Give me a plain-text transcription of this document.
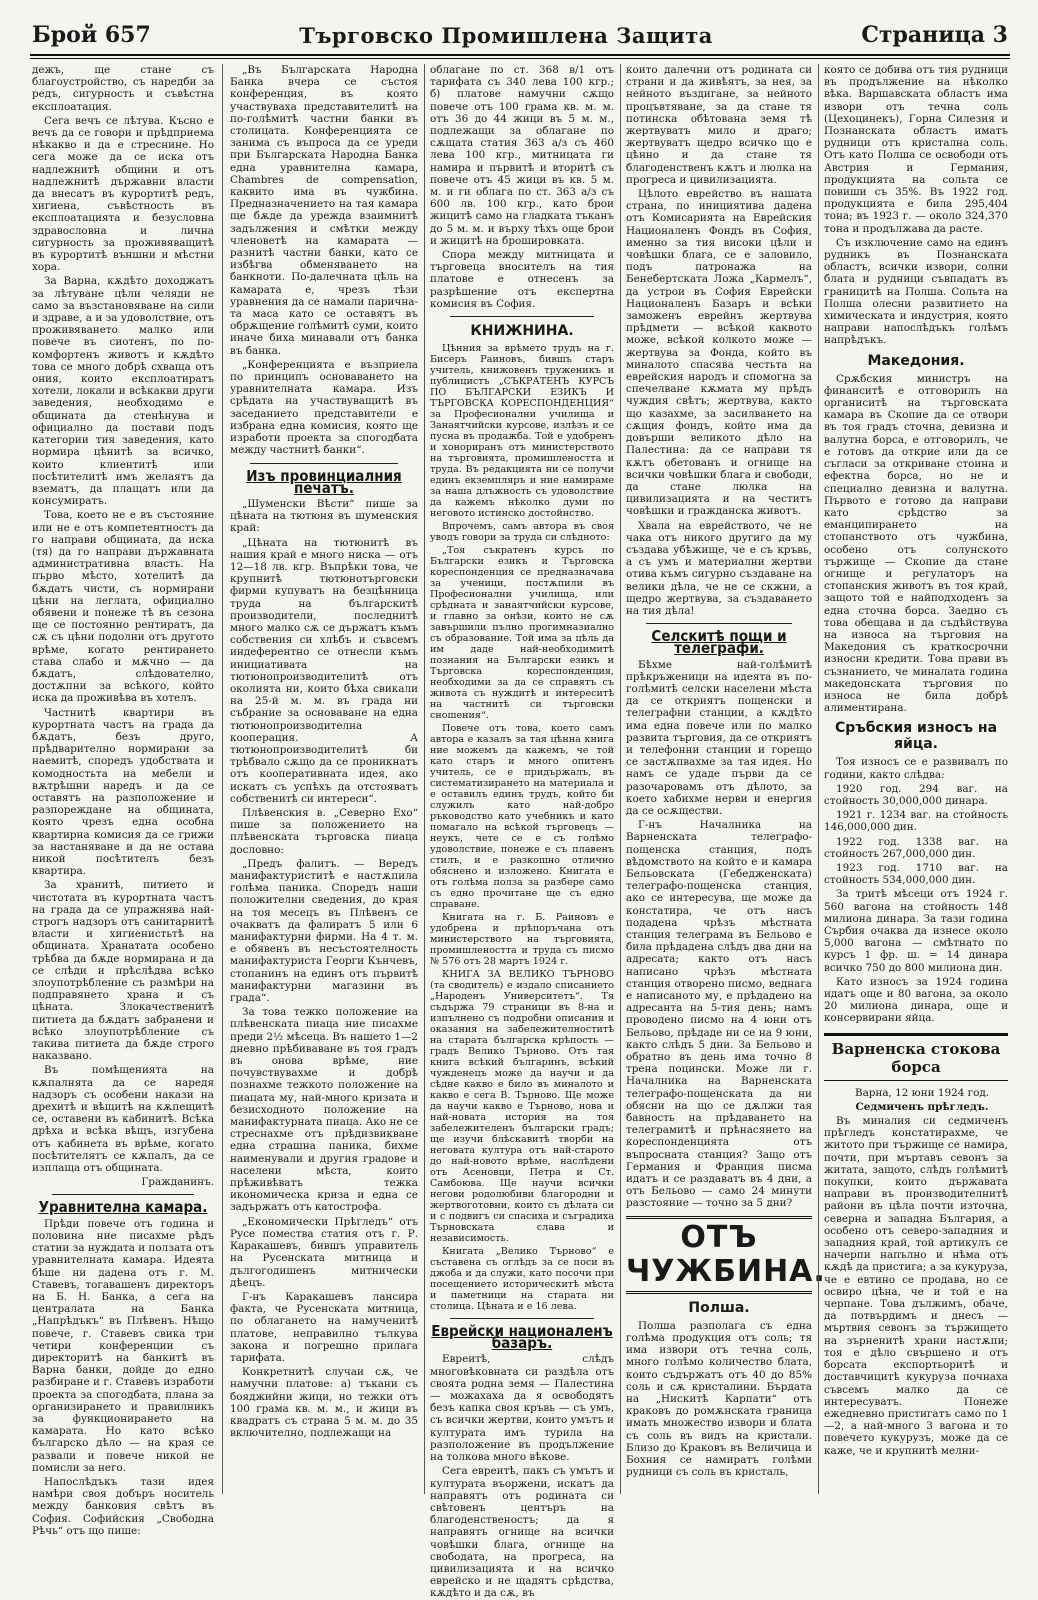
Брой 657	Търговско Промишлена Защита	Страница 3

дежъ, ще стане съ благоустройство, съ наредби за редъ, сигурность и съвѣстна експлоатация.

Сега вечъ се лѣтува. Късно е вечъ да се говори и прѣдприема нѣкакво и да е стреснине. Но сега може да се иска отъ надлежнитѣ общини и отъ надлежнитѣ държавни власти да внесатъ въ курортитѣ редъ, хигиена, съвѣстность въ експлоатацията и безусловна здравословна и лична сигурность за проживяващитѣ въ курортитѣ външни и мѣстни хора.

За Варна, кѫдѣто доходжатъ за лѣтуване цѣли челяди не само за възстановяване на сили и здраве, а и за удоволствие, отъ проживяването малко или повече въ сиотенъ, по по-комфортенъ животъ и кѫдѣто това се много добрѣ схваща отъ ония, които експлоатиратъ хотели, локали и всѣкакви други заведения, необходимо е общината да стенѣнува и официално да постави подъ категории тия заведения, като нормира цѣнитѣ за всичко, които клиентитѣ или посѣтителитѣ имъ желаятъ да взематъ, да плащатъ или да консумиратъ.

Това, което не е въ състояние или не е отъ компетентностъ да го направи общината, да иска (тя) да го направи държавната административна власть. На първо мѣсто, хотелитѣ да бѫдатъ чисти, съ нормирани цѣни на леглата, официално обявени и понеже тѣ въ сезона ще се постоянно рентиратъ, да сѫ съ цѣни подолни отъ другото врѣме, когато рентирането става слабо и мѫчно — да бѫдатъ, слѣдователно, достѫпни за всѣкого, който иска да проживѣва въ хотелъ.

Частнитѣ квартири въ курортната частъ на града да бѫдатъ, безъ друго, прѣдварително нормирани за наемитѣ, споредъ удобствата и комодностьта на мебели и вѫтрѣшни наредъ и да се оставятъ на разположение и разпореждане на общината, която чрезъ една особна квартирна комисия да се грижи за настаняване и да не остава никой посѣтителъ безъ квартира.

За хранитѣ, питието и чистотата въ курортната частъ на града да се упражнява най-строгъ надзоръ отъ санитарнитѣ власти и хигиенистьтѣ на общината. Хранатата особено трѣбва да бѫде нормирана и да се слѣди и прѣслѣдва всѣко злоупотрѣбление съ размѣри на подправянето храна и съ цѣната. Злокачественитѣ питиета да бѫдатъ забранени и всѣко злоупотрѣбление съ такива питиета да бѫде строго наказвано.

Въ помѣщенията на кѫпалнята да се наредя надзоръ съ особени накази на дрехитѣ и вѣщитѣ на кѫпещитѣ се, оставени въ кабинитѣ. Всѣка дрѣха и всѣка вѣщъ, изгубена отъ кабинета въ врѣме, когато посѣтителятъ се кѫпалъ, да се изплаща отъ общината.

Гражданинъ.
Уравнителна камара.

Прѣди повече отъ година и половина ние писахме рѣдъ статии за нуждата и ползата отъ уравнителната камара. Идеята бѣше ни дадена отъ г. М. Ставевъ, тогавашенъ директоръ на Б. Н. Банка, а сега на централата на Банка „Напрѣдъкъ“ въ Плѣвенъ. Нѣщо повече, г. Ставевъ свика три четири конференции съ директоритѣ на банкитѣ въ Варна банки, дойде до едно разбиране и г. Ставевъ изработи проекта за спогодбата, плана за организирането и правилникъ за функционирането на камарата. Но като всѣко българско дѣло — на края се развали и повече никой не помисли за него.

Напослѣдъкъ тази идея намѣри своя добъръ носитель между банковия свѣтъ въ София. Софийския „Свободна Рѣчь“ отъ що пише:

„Въ Българската Народна Банка вчера се състоя конференция, въ която участвуваха представителитѣ на по-голѣмитѣ частни банки въ столицата. Конференцията се занима съ въпроса да се уреди при Българската Народна Банка една уравнителна камара, Chambres de compensation, каквито има въ чужбина. Предназначението на тая камара ще бѫде да урежда взаимнитѣ задължения и смѣтки между членоветѣ на камарата — разнитѣ частни банки, като се избѣгва обменяването на банкноти. По-далечната цѣль на камарата е, чрезъ тѣзи уравнения да се намали паричната маса като се оставятъ въ обрѫщение голѣмитѣ суми, които иначе биха минавали отъ банка въ банка.

„Конференцията е възприела по принципъ основаването на уравнителната камара. Изъ срѣдата на участвуващитѣ въ заседанието представители е избрана една комисия, която ще изработи проекта за спогодбата между частнитѣ банки“.

Изъ провинциалния печатъ.

„Шуменски Вѣсти“ пише за цѣната на тютюня въ шуменския край:

„Цѣната на тютюнитѣ въ нашия край е много ниска — отъ 12—18 лв. кгр. Въпрѣки това, че крупнитѣ тютюнотърговски фирми купуватъ на безцѣнница труда на българскитѣ производители, последнитѣ много малко сѫ се държатъ къмъ собствения си хлѣбъ и съвсемъ индеферентно се отнесли къмъ инициативата на тютюнопроизводителитѣ отъ околията ни, които бѣха свикали на 25-й м. м. въ града ни събрание за основаване на една тютюнопроизводителна кооперация. А тютюнопроизводителитѣ би трѣбвало сѫщо да се проникнатъ отъ кооперативната идея, ако искатъ съ успѣхъ да отстояватъ собственитѣ си интереси“.

Плѣвенския в. „Северно Ехо“ пише за положението на плѣвенската търговска пиаца дословно:

„Предъ фалитъ. — Вередъ манифактуриститѣ е настѫпила голѣма паника. Споредъ наши положителни сведения, до края на тоя месецъ въ Плѣвенъ се очакватъ да фалиратъ 5 или 6 манифактурни фирми. На 4 т. м. е обявенъ въ несъстоятелность манифактуриста Георги Кънчевъ, стопанинъ на единъ отъ първитѣ манифактурни магазини въ града“.

За това тежко положение на плѣвенската пиаца ние писахме преди 2½ мѣсеца. Въ нашето 1—2 дневно прѣбиваване въ тоя градъ въ онова врѣме, ние почувствувахме и добрѣ познахме тежкото положение на пиацата му, най-много кризата и безисходното положение на манифактурната пиаца. Ако не се стреснахме отъ прѣдизвикване една страшна паника, бихме наименували и другия градове и населени мѣста, които прѣживѣватъ тежка икономическа криза и една се задържатъ отъ катострофа.

„Економически Прѣгледъ“ отъ Русе помества статия отъ г. Р. Каракашевъ, бившъ управитель на Русенската митница и дългогодишенъ митнически дѣецъ.

Г-нъ Каракашевъ лансира факта, че Русенската митница, по облагането на намученитѣ платове, неправилно тълкува закона и погрешно прилага тарифата.

Конкретнитѣ случаи сѫ, че намучни платове: а) тъкани съ бояджийни жици, но тежки отъ 100 грама кв. м. м., и жици въ квадратъ съ страна 5 м. м. до 35 включително, подлежащи на

облагане по ст. 368 в/1 отъ тарифата съ 340 лева 100 кгр.; б) платове намучни сѫщо повече отъ 100 грама кв. м. м. отъ 36 до 44 жици въ 5 м. м., подлежащи за облагане по сѫщата статия 363 а/з съ 460 лева 100 кгр., митницата ги намира и първитѣ и вторитѣ съ повече отъ 45 жици въ кв. 5 м. м. и ги облага по ст. 363 а/з съ 600 лв. 100 кгр., като брои жицитѣ само на гладката тъканъ до 5 м. м. и върху тѣхъ още брои и жицитѣ на брошировката.

Спора между митницата и търговеца вносителъ на тия платове е отнесенъ за разрѣшение отъ експертна комисия въ София.

КНИЖНИНА.

Цѣнния за врѣмето трудъ на г. Бисеръ Раиновъ, бившъ старъ учитель, книжовенъ труженикъ и публицистъ „СЪКРАТЕНЪ КУРСЪ ПО БЪЛГАРСКИ ЕЗИКЪ И ТЪРГОВСКА КОРЕСПОНДЕНЦИЯ“ за Професионални училища и Занаятчийски курсове, излѣзъ и се пусна въ продажба. Той е удобренъ и хонориранъ отъ министерството на търговията, промишлеността и труда. Въ редакцията ни се получи единъ екземпляръ и ние намираме за наша длъжность съ удоволствие да кажемъ нѣколко думи по неговото истинско достойнство.

Впрочемъ, самъ автора въ своя уводъ говори за труда си слѣдното:

„Тоя съкратенъ курсъ по Български езикъ и Търговска кореспонденция се предназначава за ученици, постѫпили въ Професионални училища, или срѣдната и занаятчийски курсове, и главно за онѣзи, които не сѫ завършили пълно прогимназиално съ образование. Той има за цѣль да им даде най-необходимитѣ познания на Български езикъ и Търговска кореспонденция, необходими за да се справятъ съ живота съ нуждитѣ и интереситѣ на частнитѣ си търговски сношения“.

Повече отъ това, което самъ автора е казалъ за тая цѣнна книга ние можемъ да кажемъ, че той като старъ и много опитенъ учитель, се е придържалъ, въ систематизирането на материала и е оставилъ единъ трудъ, който би служилъ като най-добро ръководство като учебникъ и като помагало на всѣкой търговецъ — неукъ, чете се е съ голѣмо удоволствие, понеже е съ плавенъ стилъ, и е разкошно отлично обяснено и изложено. Книгата е отъ голѣма полза за разбере само съ едно прочитане ще съ едно справане.

Книгата на г. Б. Раиновъ е удобрена и прѣпоръчана отъ министерството на търговията, промишлеността и труда съ писмо № 576 отъ 28 мартъ 1924 г.

КНИГА ЗА ВЕЛИКО ТЪРНОВО (та сводитель) е издало списанието „Народенъ Университетъ“. Тя съдържа 79 страници въ 8-на и изпълнено съ подробни описания и оказания на забележителноститѣ на старата българска крѣпость — градъ Велико Търново. Отъ тая книга всѣкий българинъ, всѣкий чужденецъ може да научи и да сѣдне какво е било въ миналото и какво е сега В. Търново. Ще може да научи какво е Търново, нова и най-новата история на тоя забележителенъ български градъ; ще изучи блѣскавитѣ творби на неговата култура отъ най-старото до най-новото врѣме, наслѣдени отъ Асеновци, Петра и Ст. Самбоюва. Ще научи всички негови родолюбиви благородни и жертвоготовни, които съ дѣлата си и с подвигъ си спасиха и съградиха Търновската слава и независимость.

Книгата „Велико Търново“ е съставена съ оглѣдъ за се поси въ джоба и да служи, като посочи при посещението историческитѣ мѣста и паметници на старата ни столица. Цѣната и е 16 лева.

Еврейски националенъ базаръ.

Евреитѣ, слѣдъ многовѣковната си раздѣла отъ своята родна земя — Палестина — можахаха да я освободятъ безъ капка своя кръвь — съ умъ, съ всички жертви, които умътъ и културата имъ турила на разположение въ продължение на толкова много вѣкове.

Сега евреитѣ, пакъ съ умътъ и културата въоржени, искатъ да направятъ отъ родината си свѣтовенъ центъръ на благоденственостъ; да я направятъ огнище на всички човѣшки блага, огнище на свободата, на прогреса, на цивилизацията и на всичко еврейско и не щадятъ срѣдства, кѫдѣто и да сѫ, въ

които далечни отъ родината си страни и да живѣятъ, за нея, за нейното въздигане, за нейното процъвтяване, за да стане тя потинска обѣтована земя тѣ жертвуватъ мило и драго; жертвуватъ щедро всичко що е цѣнно и да стане тя благоденственъ кѫтъ и люлка на прогреса и цивилизацията.

Цѣлото еврейство въ нашата страна, по инициятива дадена отъ Комисарията на Еврейския Националенъ Фондъ въ София, именно за тия високи цѣли и човѣшки блага, се е заловило, подъ патронажа на Бенебертската Ложа „Кармелъ“, да устрои въ София Еврейски Националенъ Базаръ и всѣки заможенъ еврейнъ жертвува прѣдмети — всѣкой каквото може, всѣкой колкото може — жертвува за Фонда, който въ миналото спасява честьта на еврейския народъ и спомогна за спечелване кѫмата му прѣдъ чуждия свѣтъ; жертвува, както що казахме, за засилването на сѫщия фондъ, който има да довърши великото дѣло на Палестина: да се направи тя кѫтъ обетованъ и огнище на всички човѣшки блага и свободи, да стане люлка на цивилизацията и на честитъ човѣшки и гражданска животъ.

Хвала на еврейството, че не чака отъ никого другиго да му създава убѣжище, че е съ кръвь, а съ умъ и материални жертви отива къмъ сигурно създаване на велики дѣла, че не се скжни, а щедро жертвува, за създаването на тия дѣла!

Селскитѣ пощи и телеграфи.

Бѣхме най-голѣмитѣ прѣкръженици на идеята въ по-голѣмитѣ селски населени мѣста да се откриятъ пощенски и телеграфни станции, а кѫдѣто има една повече или по малко развита търговия, да се откриятъ и телефонни станции и горещо се застѫпвахме за тая идея. Но намъ се удаде първи да се разочаровамъ отъ дѣлото, за което хабихме нерви и енергия да се осѫществи.

Г-нъ Началника на Варненската телеграфо-пощенска станция, подъ вѣдомството на който е и камара Бельовската (Гебедженската) телеграфо-пощенска станция, ако се интересува, ще може да констатира, че отъ насъ подадена чрѣзъ мѣстната станция телеграма въ Бельово е била прѣдадена слѣдъ два дни на адресата; както отъ насъ написано чрѣзъ мѣстната станция отворено писмо, веднага е написаното му, е прѣдадено на адресанта на 5-тия день; намъ проводено писмо на 4 юни отъ Бельово, прѣдаде ни се на 9 юни, както слѣдъ 5 дни. За Бельово и обратно въ день има точно 8 трена поцински. Може ли г. Началника на Варненската телеграфо-пощенската да ни обясни на що се дѫлжи тая бавность на прѣдаването на телеграмитѣ и прѣнасянето на кореспонденцията отъ въпросната станция? Защо отъ Германия и Франция писма идатъ и се раздаватъ въ 4 дни, а отъ Бельово — само 24 минути разстояние — точно за 5 дни?

ОТЪ ЧУЖБИНА.
Полша.

Полша разполага съ една голѣма продукция отъ соль; тя има извори отъ течна соль, много голѣмо количество блата, които съдържатъ отъ 40 до 85% соль и сѫ кристалини. Бърдата на „Нискитѣ Карпати“ отъ краковъ до ромѫнската граница имать множество извори и блата съ соль въ видъ на кристали. Близо до Краковъ въ Величица и Бохния се намиратъ голѣми рудници съ соль въ кристаль,

която се добива отъ тия рудници въ продължение на нѣколко вѣка. Варшавската областъ има извори отъ течна соль (Цехоцинекъ), Горна Силезия и Познанската областъ иматъ рудници отъ кристална соль. Отъ като Полша се освободи отъ Австрия и Германия, продукцията на сольта се повиши съ 35%. Въ 1922 год. продукцията е била 295,404 тона; въ 1923 г. — около 324,370 тона и продължава да расте.

Съ изключение само на единъ рудникъ въ Познанската областъ, всички извори, солни блата и рудници съвпадатъ въ границитѣ на Полша. Сольта на Полша олесни развитието на химическата и индустрия, която направи напослѣдъкъ голѣмъ напрѣдъкъ.

Македония.

Срѫбския министръ на финанситѣ е отговорилъ на органиситѣ на търговската камара въ Скопие да се отвори въ тоя градъ сточна, девизна и валутна борса, е отговорилъ, че е готовъ да открие или да се съгласи за откриване стоина и ефектна борса, но не и специално девизна и валутна. Първото е готово да направи като срѣдство за еманципирането на стопанството отъ чужбина, особено отъ солунското тържище — Скопие да стане огнище и регулаторъ на стопанския животъ въ тоя край, защото той е найподходенъ за една сточна борса. Заедно съ това обещава и да съдѣйствува на износа на търговия на Македония съ краткосрочни износни кредити. Това прави въ съзнанието, че миналата година македонската търговия по износа не била добрѣ алиментирана.

Сръбския износъ на яйца.

Тоя износъ се е развивалъ по години, както слѣдва:

1920 год. 294 ваг. на стойность 30,000,000 динара.

1921 г. 1234 ваг. на стойность 146,000,000 дин.

1922 год. 1338 ваг. на стойность 267,000,000 дин.

1923 год. 1710 ваг. на стойность 534,000,000 дин.

За тритѣ мѣсеци отъ 1924 г. 560 вагона на стойность 148 милиона динара. За тази година Сърбия очаква да изнесе около 5,000 вагона — смѣтнато по курсъ 1 фр. ш. = 14 динара всичко 750 до 800 милиона дин.

Като износъ за 1924 година идатъ още и 80 вагона, за около 20 милиона динара, още и консервирани яйца.

Варненска стокова борса

Варна, 12 юни 1924 год.

Седмиченъ прѣгледъ.

Въ миналия си седмиченъ прѣгледъ констатирахме, че житото при тържище се намира, почти, при мъртавъ севонъ за житата, защото, слѣдъ голѣмитѣ покупки, които държавата направи въ производителнитѣ райони въ цѣла почти източна, северна и западна България, а особено отъ северо-западния и западния край, той артикулъ се начерпи напълно и нѣма отъ кѫдѣ да пристига; а за кукуруза, че е евтино се продава, но се освиро цѣна, че и той е на черпане. Това дължимъ, обаче, да потвърдимъ и днесъ — мъртвия севонъ за тържището на зърненитѣ храни настѫпи; тоя е дѣло свършено и отъ борсата експортьоритѣ и доставчицитѣ кукуруза почнаха съвсемъ малко да се интересуватъ. Понеже ежедневно пристигатъ само по 1—2, а най-много 3 вагона и то повечето кукурузъ, може да се каже, че и крупнитѣ мелни-
